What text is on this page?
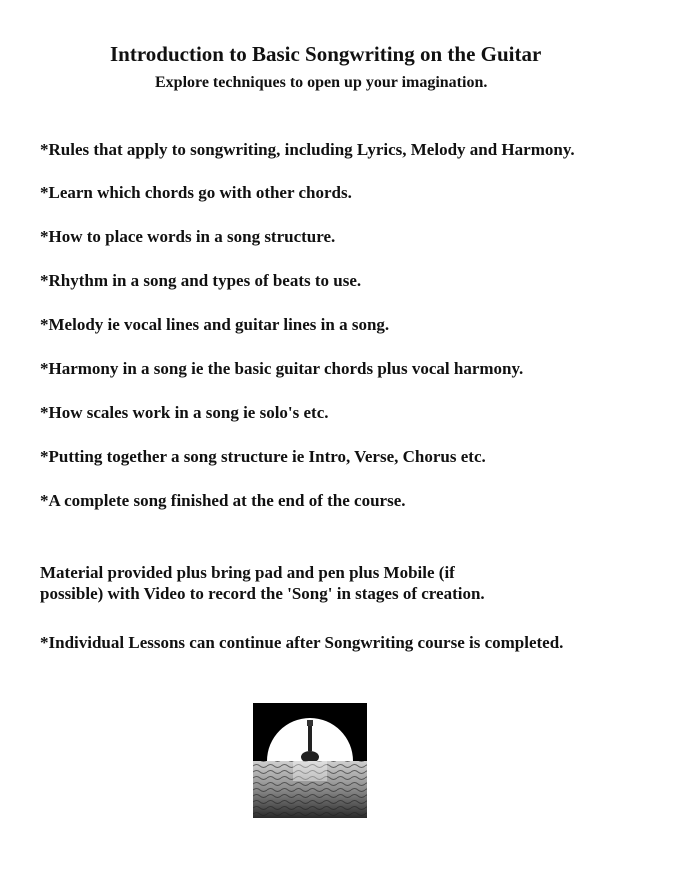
Introduction to Basic Songwriting on the Guitar
Explore techniques to open up your imagination.
*Rules that apply to songwriting, including Lyrics, Melody and Harmony.
*Learn which chords go with other chords.
*How to place words in a song structure.
*Rhythm in a song and types of beats to use.
*Melody ie vocal lines and guitar lines in a song.
*Harmony in a song ie the basic guitar chords plus vocal harmony.
*How scales work in a song ie solo's etc.
*Putting together a song structure ie Intro, Verse, Chorus etc.
*A complete song finished at the end of the course.
Material provided plus bring pad and pen plus Mobile (if
possible) with Video to record the 'Song' in stages of creation.
*Individual Lessons can continue after Songwriting course is completed.
